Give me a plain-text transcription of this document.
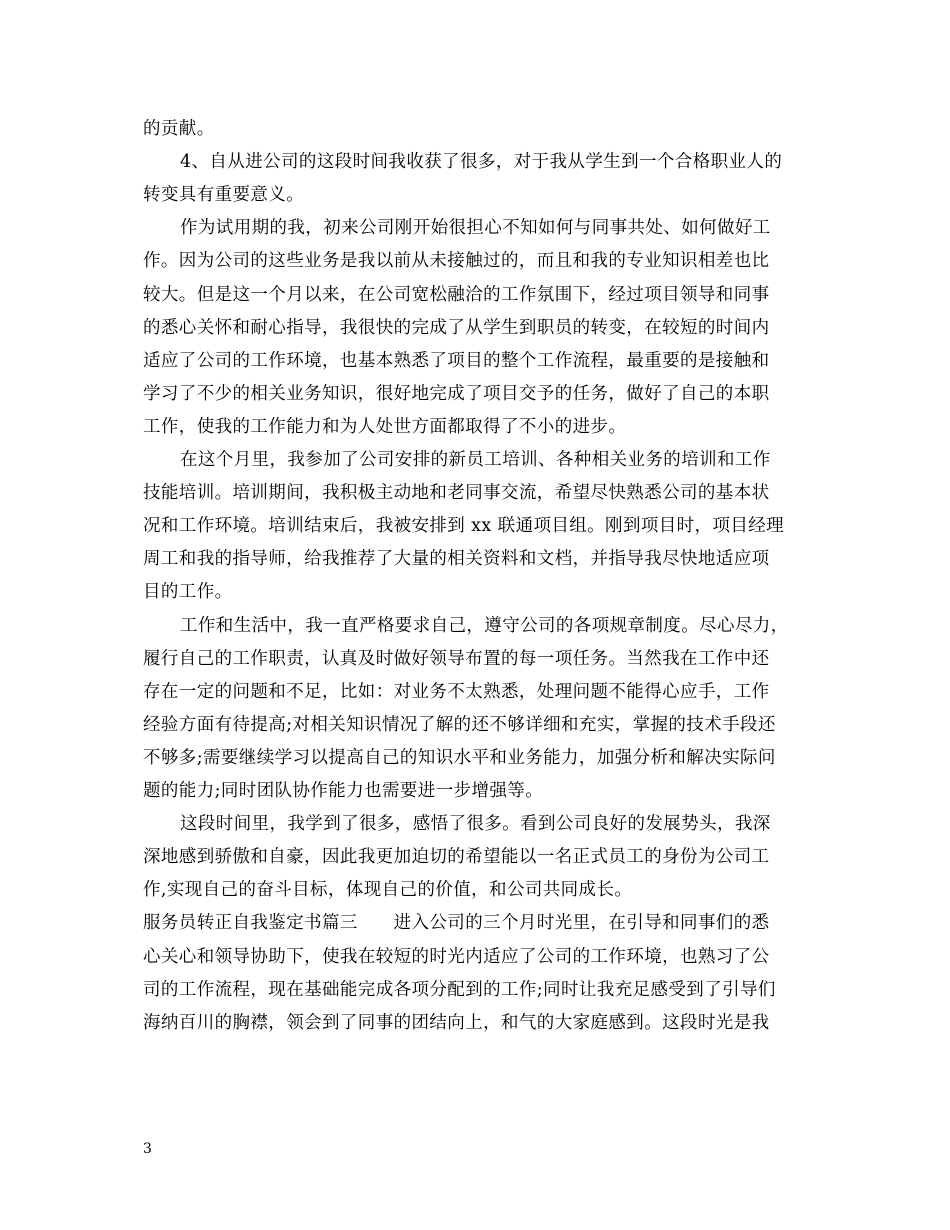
的贡献。

4、自从进公司的这段时间我收获了很多，对于我从学生到一个合格职业人的

转变具有重要意义。

作为试用期的我，初来公司刚开始很担心不知如何与同事共处、如何做好工

作。因为公司的这些业务是我以前从未接触过的，而且和我的专业知识相差也比

较大。但是这一个月以来，在公司宽松融洽的工作氛围下，经过项目领导和同事

的悉心关怀和耐心指导，我很快的完成了从学生到职员的转变，在较短的时间内

适应了公司的工作环境，也基本熟悉了项目的整个工作流程，最重要的是接触和

学习了不少的相关业务知识，很好地完成了项目交予的任务，做好了自己的本职

工作，使我的工作能力和为人处世方面都取得了不小的进步。

在这个月里，我参加了公司安排的新员工培训、各种相关业务的培训和工作

技能培训。培训期间，我积极主动地和老同事交流，希望尽快熟悉公司的基本状

况和工作环境。培训结束后，我被安排到 xx 联通项目组。刚到项目时，项目经理

周工和我的指导师，给我推荐了大量的相关资料和文档，并指导我尽快地适应项

目的工作。

工作和生活中，我一直严格要求自己，遵守公司的各项规章制度。尽心尽力，

履行自己的工作职责，认真及时做好领导布置的每一项任务。当然我在工作中还

存在一定的问题和不足，比如：对业务不太熟悉，处理问题不能得心应手，工作

经验方面有待提高;对相关知识情况了解的还不够详细和充实，掌握的技术手段还

不够多;需要继续学习以提高自己的知识水平和业务能力，加强分析和解决实际问

题的能力;同时团队协作能力也需要进一步增强等。

这段时间里，我学到了很多，感悟了很多。看到公司良好的发展势头，我深

深地感到骄傲和自豪，因此我更加迫切的希望能以一名正式员工的身份为公司工

作,实现自己的奋斗目标，体现自己的价值，和公司共同成长。

服务员转正自我鉴定书篇三　　进入公司的三个月时光里，在引导和同事们的悉

心关心和领导协助下，使我在较短的时光内适应了公司的工作环境，也熟习了公

司的工作流程，现在基础能完成各项分配到的工作;同时让我充足感受到了引导们

海纳百川的胸襟，领会到了同事的团结向上，和气的大家庭感到。这段时光是我

3
